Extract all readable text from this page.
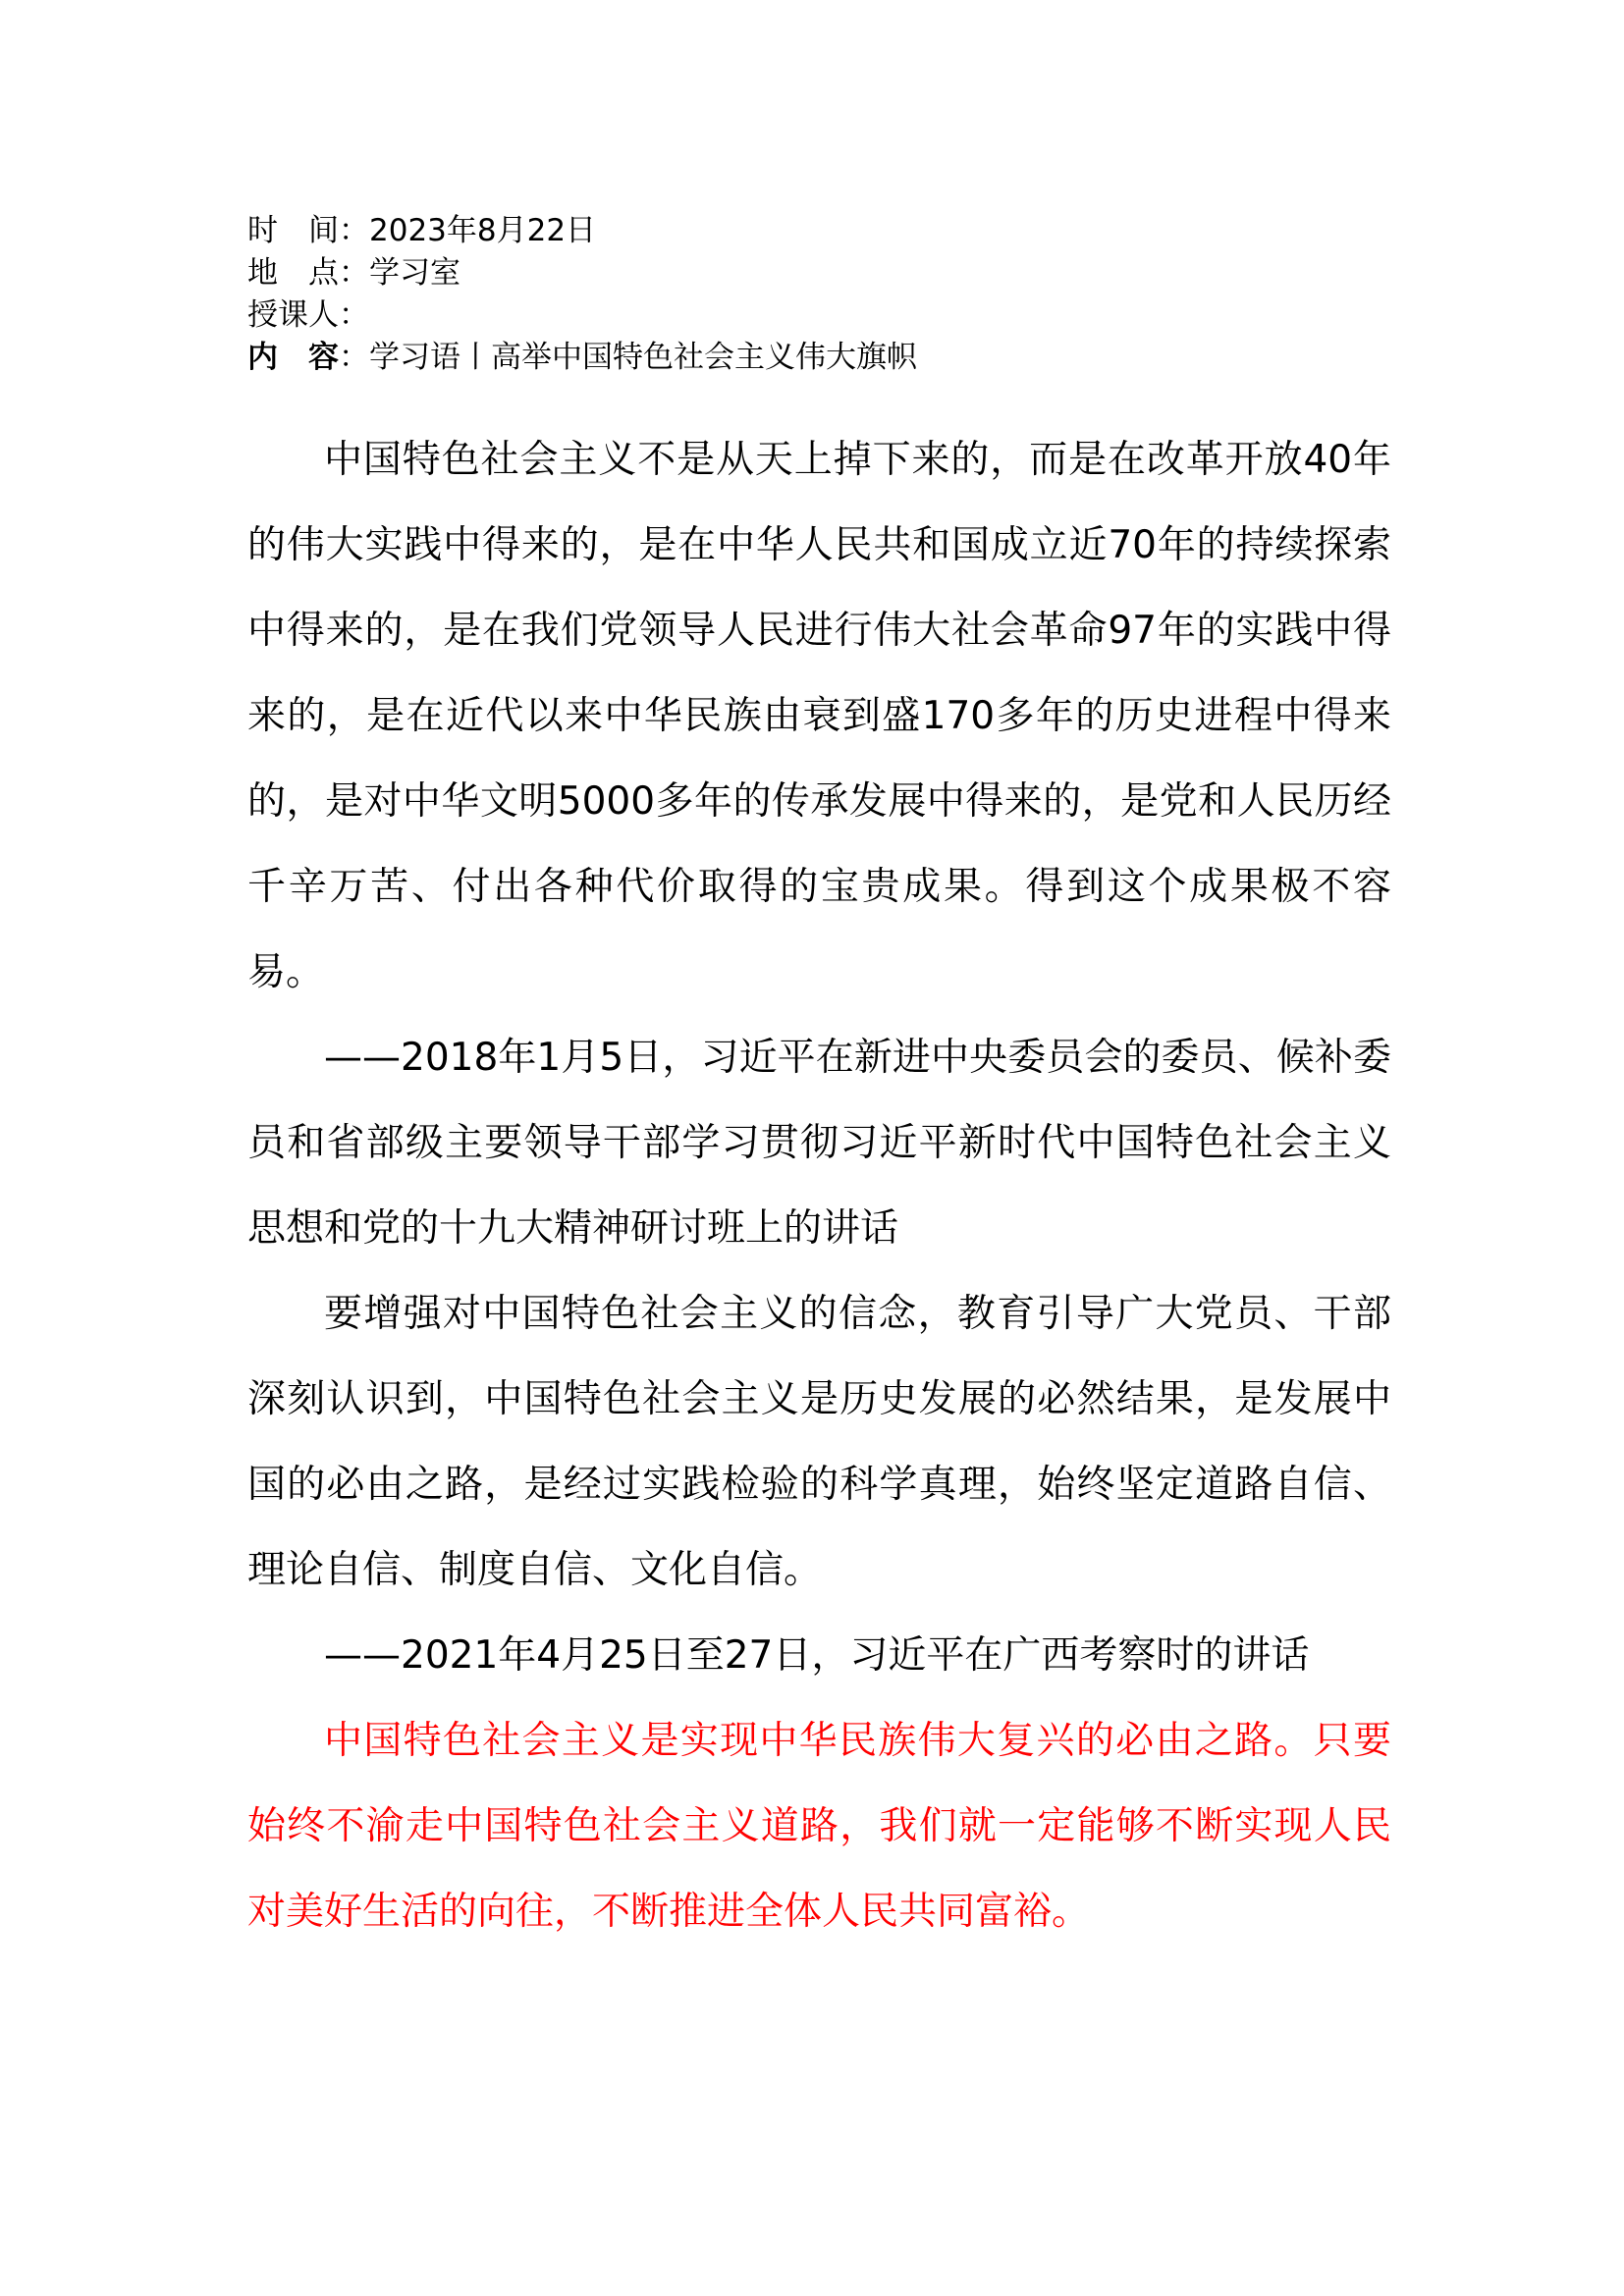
时　间：2023年8月22日
地　点：学习室
授课人：
内　容：学习语丨高举中国特色社会主义伟大旗帜

中国特色社会主义不是从天上掉下来的，而是在改革开放40年的伟大实践中得来的，是在中华人民共和国成立近70年的持续探索中得来的，是在我们党领导人民进行伟大社会革命97年的实践中得来的，是在近代以来中华民族由衰到盛170多年的历史进程中得来的，是对中华文明5000多年的传承发展中得来的，是党和人民历经千辛万苦、付出各种代价取得的宝贵成果。得到这个成果极不容易。

——2018年1月5日，习近平在新进中央委员会的委员、候补委员和省部级主要领导干部学习贯彻习近平新时代中国特色社会主义思想和党的十九大精神研讨班上的讲话

要增强对中国特色社会主义的信念，教育引导广大党员、干部深刻认识到，中国特色社会主义是历史发展的必然结果，是发展中国的必由之路，是经过实践检验的科学真理，始终坚定道路自信、理论自信、制度自信、文化自信。

——2021年4月25日至27日，习近平在广西考察时的讲话

中国特色社会主义是实现中华民族伟大复兴的必由之路。只要始终不渝走中国特色社会主义道路，我们就一定能够不断实现人民对美好生活的向往，不断推进全体人民共同富裕。
